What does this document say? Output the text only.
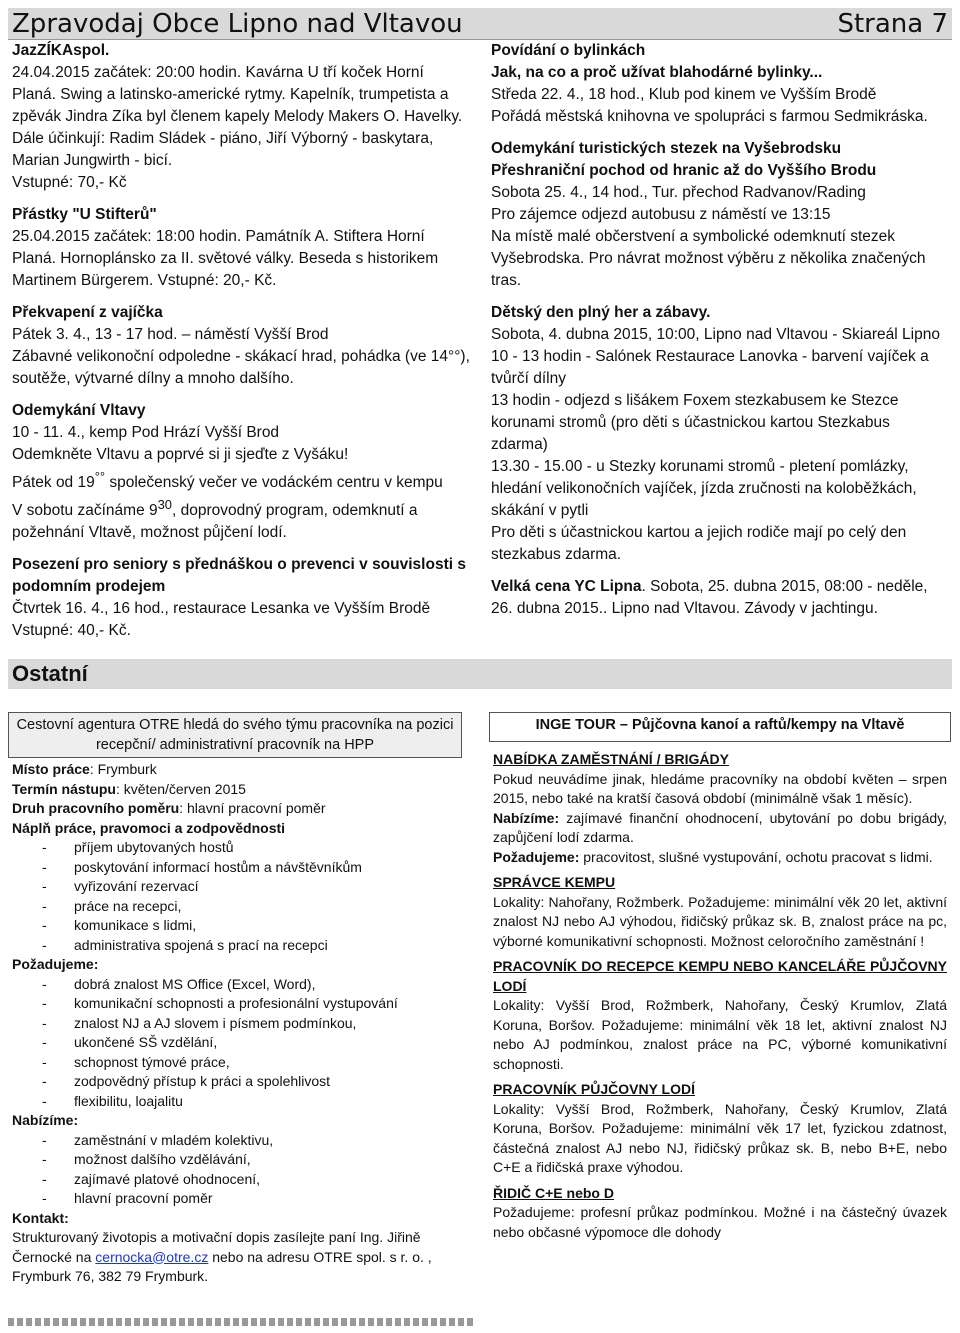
Zpravodaj Obce Lipno nad Vltavou	Strana 7
JazZÍKAspol.
24.04.2015 začátek: 20:00 hodin. Kavárna U tří koček Horní Planá. Swing a latinsko-americké rytmy. Kapelník, trumpetista a zpěvák Jindra Zíka byl členem kapely Melody Makers O. Havelky. Dále účinkují: Radim Sládek - piáno, Jiří Výborný - baskytara, Marian Jungwirth - bicí.
Vstupné: 70,- Kč
Přástky "U Stifterů"
25.04.2015 začátek: 18:00 hodin. Památník A. Stiftera Horní Planá. Hornoplánsko za II. světové války. Beseda s historikem Martinem Bürgerem. Vstupné: 20,- Kč.
Překvapení z vajíčka
Pátek 3. 4., 13 - 17 hod. – náměstí Vyšší Brod
Zábavné velikonoční odpoledne - skákací hrad, pohádka (ve 14°°), soutěže, výtvarné dílny a mnoho dalšího.
Odemykání Vltavy
10 - 11. 4., kemp Pod Hrází Vyšší Brod
Odemkněte Vltavu a poprvé si ji sjeďte z Vyšáku!
Pátek od 19°° společenský večer ve vodáckém centru v kempu
V sobotu začínáme $9^{30}$, doprovodný program, odemknutí a požehnání Vltavě, možnost půjčení lodí.
Posezení pro seniory s přednáškou o prevenci v souvislosti s podomním prodejem
Čtvrtek 16. 4., 16 hod., restaurace Lesanka ve Vyšším Brodě
Vstupné: 40,- Kč.
Povídání o bylinkách
Jak, na co a proč užívat blahodárné bylinky...
Středa 22. 4., 18 hod., Klub pod kinem ve Vyšším Brodě
Pořádá městská knihovna ve spolupráci s farmou Sedmikráska.
Odemykání turistických stezek na Vyšebrodsku
Přeshraniční pochod od hranic až do Vyššího Brodu
Sobota 25. 4., 14 hod., Tur. přechod Radvanov/Rading
Pro zájemce odjezd autobusu z náměstí ve 13:15
Na místě malé občerstvení a symbolické odemknutí stezek Vyšebrodska. Pro návrat možnost výběru z několika značených tras.
Dětský den plný her a zábavy.
Sobota, 4. dubna 2015, 10:00, Lipno nad Vltavou - Skiareál Lipno
10 - 13 hodin - Salónek Restaurace Lanovka - barvení vajíček a tvůrčí dílny
13 hodin - odjezd s lišákem Foxem stezkabusem ke Stezce korunami stromů (pro děti s účastnickou kartou Stezkabus zdarma)
13.30 - 15.00 - u Stezky korunami stromů - pletení pomlázky, hledání velikonočních vajíček, jízda zručnosti na koloběžkách, skákání v pytli
Pro děti s účastnickou kartou a jejich rodiče mají po celý den stezkabus zdarma.
Velká cena YC Lipna. Sobota, 25. dubna 2015, 08:00 - neděle, 26. dubna 2015.. Lipno nad Vltavou. Závody v jachtingu.
Ostatní
Cestovní agentura OTRE hledá do svého týmu pracovníka na pozici recepční/ administrativní pracovník na HPP
Místo práce: Frymburk
Termín nástupu: květen/červen 2015
Druh pracovního poměru: hlavní pracovní poměr
Náplň práce, pravomoci a zodpovědnosti
- příjem ubytovaných hostů
- poskytování informací hostům a návštěvníkům
- vyřizování rezervací
- práce na recepci,
- komunikace s lidmi,
- administrativa spojená s prací na recepci
Požadujeme:
- dobrá znalost MS Office (Excel, Word),
- komunikační schopnosti a profesionální vystupování
- znalost NJ a AJ slovem i písmem podmínkou,
- ukončené SŠ vzdělání,
- schopnost týmové práce,
- zodpovědný přístup k práci a spolehlivost
- flexibilitu, loajalitu
Nabízíme:
- zaměstnání v mladém kolektivu,
- možnost dalšího vzdělávání,
- zajímavé platové ohodnocení,
- hlavní pracovní poměr
Kontakt:
Strukturovaný životopis a motivační dopis zasílejte paní Ing. Jiřině Černocké na cernocka@otre.cz nebo na adresu OTRE spol. s r. o. , Frymburk 76, 382 79 Frymburk.
INGE TOUR – Půjčovna kanoí a raftů/kempy na Vltavě
NABÍDKA ZAMĚSTNÁNÍ / BRIGÁDY
Pokud neuvádíme jinak, hledáme pracovníky na období květen – srpen 2015, nebo také na kratší časová období (minimálně však 1 měsíc).
Nabízíme: zajímavé finanční ohodnocení, ubytování po dobu brigády, zapůjčení lodí zdarma.
Požadujeme: pracovitost, slušné vystupování, ochotu pracovat s lidmi.
SPRÁVCE KEMPU
Lokality: Nahořany, Rožmberk. Požadujeme: minimální věk 20 let, aktivní znalost NJ nebo AJ výhodou, řidičský průkaz sk. B, znalost práce na pc, výborné komunikativní schopnosti. Možnost celoročního zaměstnání !
PRACOVNÍK DO RECEPCE KEMPU NEBO KANCELÁŘE PŮJČOVNY LODÍ
Lokality: Vyšší Brod, Rožmberk, Nahořany, Český Krumlov, Zlatá Koruna, Boršov. Požadujeme: minimální věk 18 let, aktivní znalost NJ nebo AJ podmínkou, znalost práce na PC, výborné komunikativní schopnosti.
PRACOVNÍK PŮJČOVNY LODÍ
Lokality: Vyšší Brod, Rožmberk, Nahořany, Český Krumlov, Zlatá Koruna, Boršov. Požadujeme: minimální věk 17 let, fyzickou zdatnost, částečná znalost AJ nebo NJ, řidičský průkaz sk. B, nebo B+E, nebo C+E a řidičská praxe výhodou.
ŘIDIČ C+E nebo D
Požadujeme: profesní průkaz podmínkou. Možné i na částečný úvazek nebo občasné výpomoce dle dohody
